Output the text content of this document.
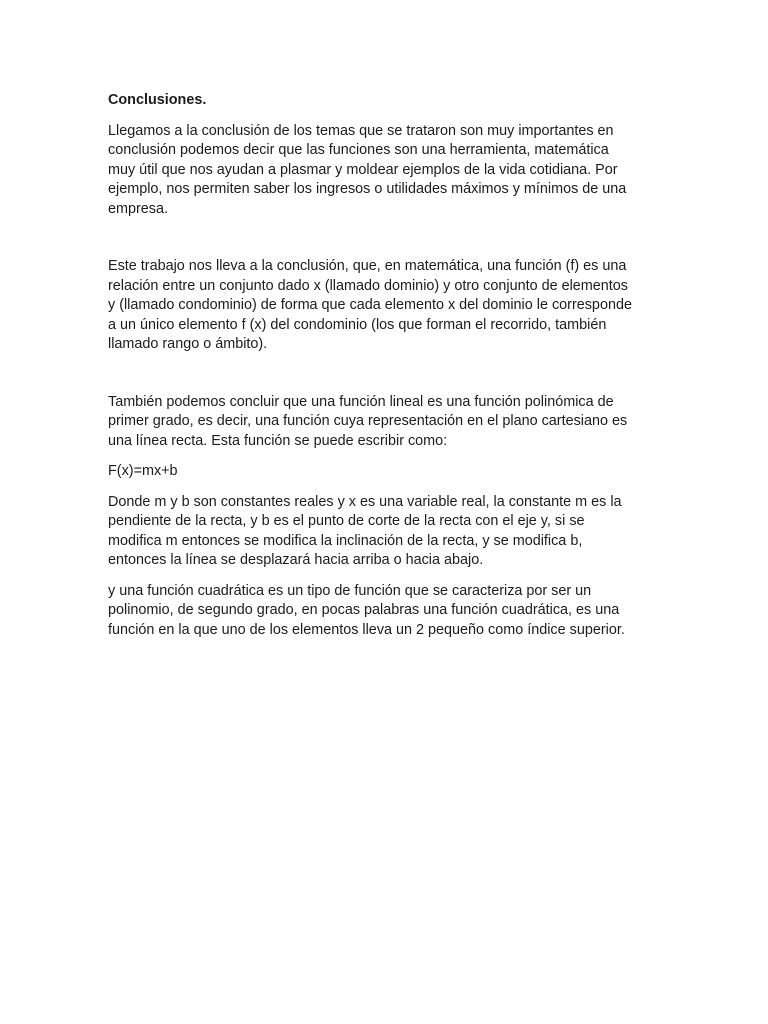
Conclusiones.

Llegamos a la conclusión de los temas que se trataron son muy importantes en
conclusión podemos decir que las funciones son una herramienta, matemática
muy útil que nos ayudan a plasmar y moldear ejemplos de la vida cotidiana. Por
ejemplo, nos permiten saber los ingresos o utilidades máximos y mínimos de una
empresa.

Este trabajo nos lleva a la conclusión, que, en matemática, una función (f) es una
relación entre un conjunto dado x (llamado dominio) y otro conjunto de elementos
y (llamado condominio) de forma que cada elemento x del dominio le corresponde
a un único elemento f (x) del condominio (los que forman el recorrido, también
llamado rango o ámbito).

También podemos concluir que una función lineal es una función polinómica de
primer grado, es decir, una función cuya representación en el plano cartesiano es
una línea recta. Esta función se puede escribir como:

F(x)=mx+b

Donde m y b son constantes reales y x es una variable real, la constante m es la
pendiente de la recta, y b es el punto de corte de la recta con el eje y, si se
modifica m entonces se modifica la inclinación de la recta, y se modifica b,
entonces la línea se desplazará hacia arriba o hacia abajo.

y una función cuadrática es un tipo de función que se caracteriza por ser un
polinomio, de segundo grado, en pocas palabras una función cuadrática, es una
función en la que uno de los elementos lleva un 2 pequeño como índice superior.
